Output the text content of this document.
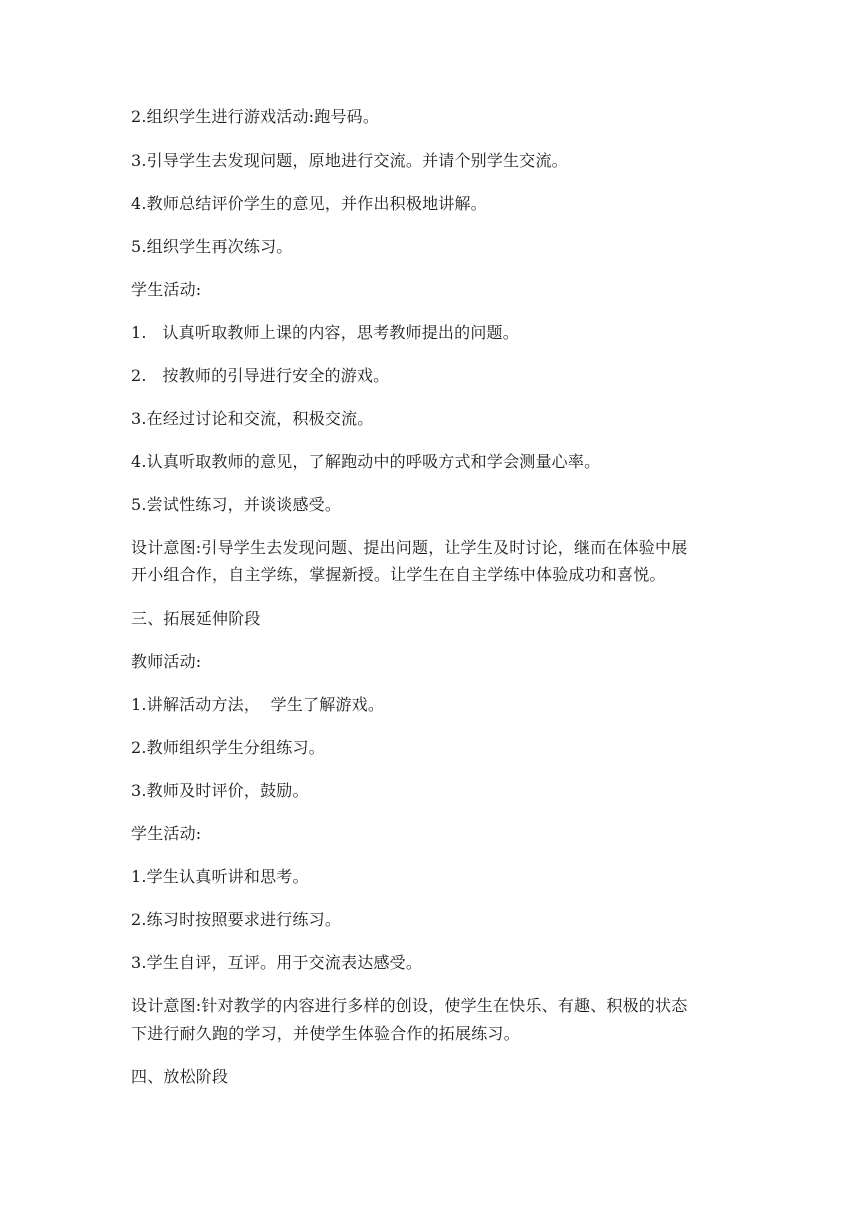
2.组织学生进行游戏活动:跑号码。
3.引导学生去发现问题，原地进行交流。并请个别学生交流。
4.教师总结评价学生的意见，并作出积极地讲解。
5.组织学生再次练习。
学生活动:
1.   认真听取教师上课的内容，思考教师提出的问题。
2.   按教师的引导进行安全的游戏。
3.在经过讨论和交流，积极交流。
4.认真听取教师的意见，了解跑动中的呼吸方式和学会测量心率。
5.尝试性练习，并谈谈感受。
设计意图:引导学生去发现问题、提出问题，让学生及时讨论，继而在体验中展
开小组合作，自主学练，掌握新授。让学生在自主学练中体验成功和喜悦。
三、拓展延伸阶段
教师活动:
1.讲解活动方法，  学生了解游戏。
2.教师组织学生分组练习。
3.教师及时评价，鼓励。
学生活动:
1.学生认真听讲和思考。
2.练习时按照要求进行练习。
3.学生自评，互评。用于交流表达感受。
设计意图:针对教学的内容进行多样的创设，使学生在快乐、有趣、积极的状态
下进行耐久跑的学习，并使学生体验合作的拓展练习。
四、放松阶段
